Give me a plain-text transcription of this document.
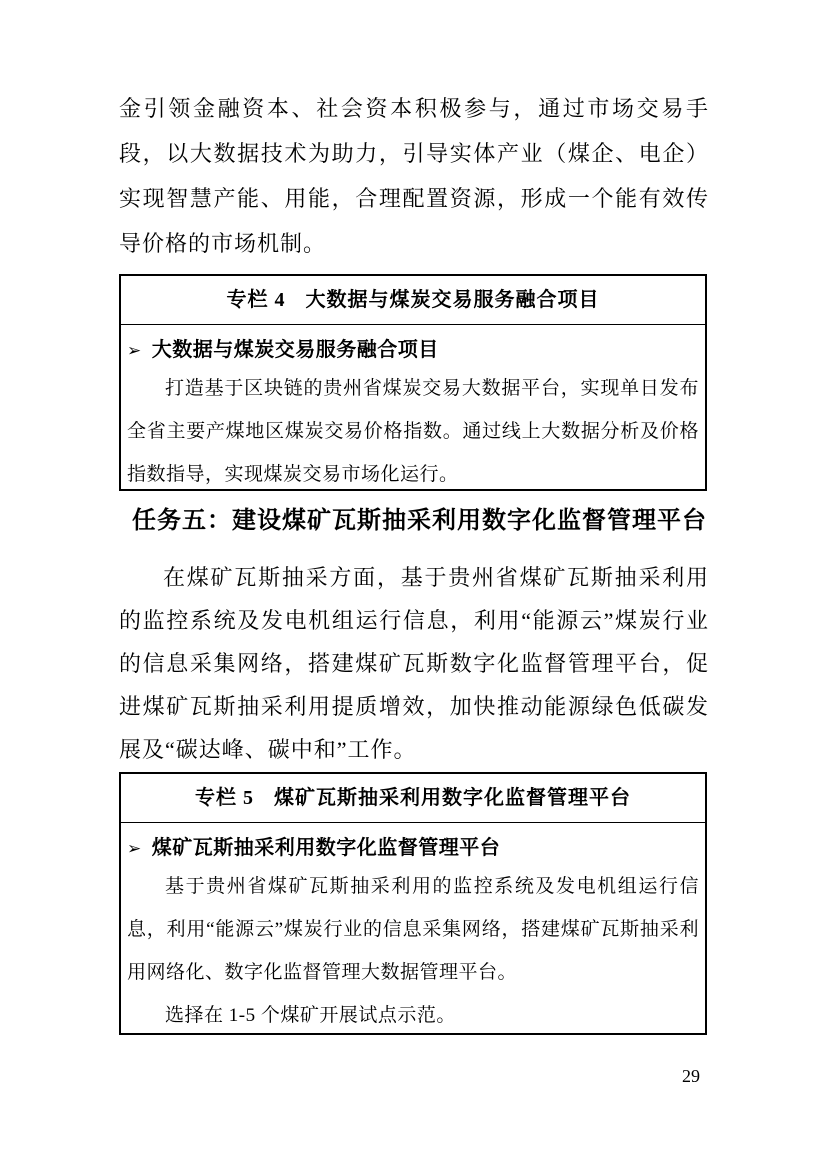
金引领金融资本、社会资本积极参与，通过市场交易手段，以大数据技术为助力，引导实体产业（煤企、电企）实现智慧产能、用能，合理配置资源，形成一个能有效传导价格的市场机制。

专栏 4 大数据与煤炭交易服务融合项目
➢ 大数据与煤炭交易服务融合项目

打造基于区块链的贵州省煤炭交易大数据平台，实现单日发布全省主要产煤地区煤炭交易价格指数。通过线上大数据分析及价格指数指导，实现煤炭交易市场化运行。

任务五：建设煤矿瓦斯抽采利用数字化监督管理平台

在煤矿瓦斯抽采方面，基于贵州省煤矿瓦斯抽采利用的监控系统及发电机组运行信息，利用“能源云”煤炭行业的信息采集网络，搭建煤矿瓦斯数字化监督管理平台，促进煤矿瓦斯抽采利用提质增效，加快推动能源绿色低碳发展及“碳达峰、碳中和”工作。

专栏 5 煤矿瓦斯抽采利用数字化监督管理平台
➢ 煤矿瓦斯抽采利用数字化监督管理平台

基于贵州省煤矿瓦斯抽采利用的监控系统及发电机组运行信息，利用“能源云”煤炭行业的信息采集网络，搭建煤矿瓦斯抽采利用网络化、数字化监督管理大数据管理平台。

选择在 1-5 个煤矿开展试点示范。

29
